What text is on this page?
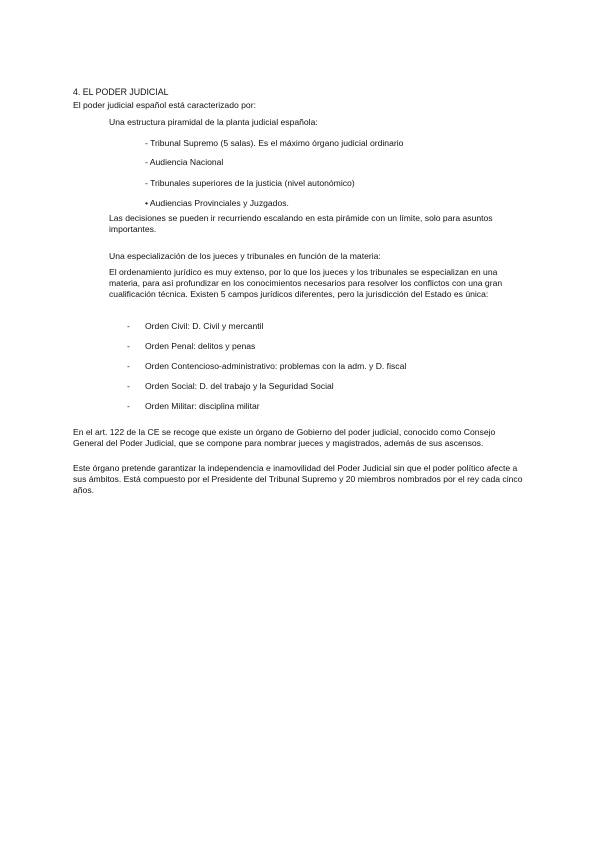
4. EL PODER JUDICIAL
El poder judicial español está caracterizado por:
Una estructura piramidal de la planta judicial española:
- Tribunal Supremo (5 salas). Es el máximo órgano judicial ordinario
- Audiencia Nacional
- Tribunales superiores de la justicia (nivel autonómico)
• Audiencias Provinciales y Juzgados.
Las decisiones se pueden ir recurriendo escalando en esta pirámide con un límite, solo para asuntos importantes.
Una especialización de los jueces y tribunales en función de la materia:
El ordenamiento jurídico es muy extenso, por lo que los jueces y los tribunales se especializan en una materia, para así profundizar en los conocimientos necesarios para resolver los conflictos con una gran cualificación técnica. Existen 5 campos jurídicos diferentes, pero la jurisdicción del Estado es única:
- Orden Civil: D. Civil y mercantil
- Orden Penal: delitos y penas
- Orden Contencioso-administrativo: problemas con la adm. y D. fiscal
- Orden Social: D. del trabajo y la Seguridad Social
- Orden Militar: disciplina militar
En el art. 122 de la CE se recoge que existe un órgano de Gobierno del poder judicial, conocido como Consejo General del Poder Judicial, que se compone para nombrar jueces y magistrados, además de sus ascensos.
Este órgano pretende garantizar la independencia e inamovilidad del Poder Judicial sin que el poder político afecte a sus ámbitos. Está compuesto por el Presidente del Tribunal Supremo y 20 miembros nombrados por el rey cada cinco años.
